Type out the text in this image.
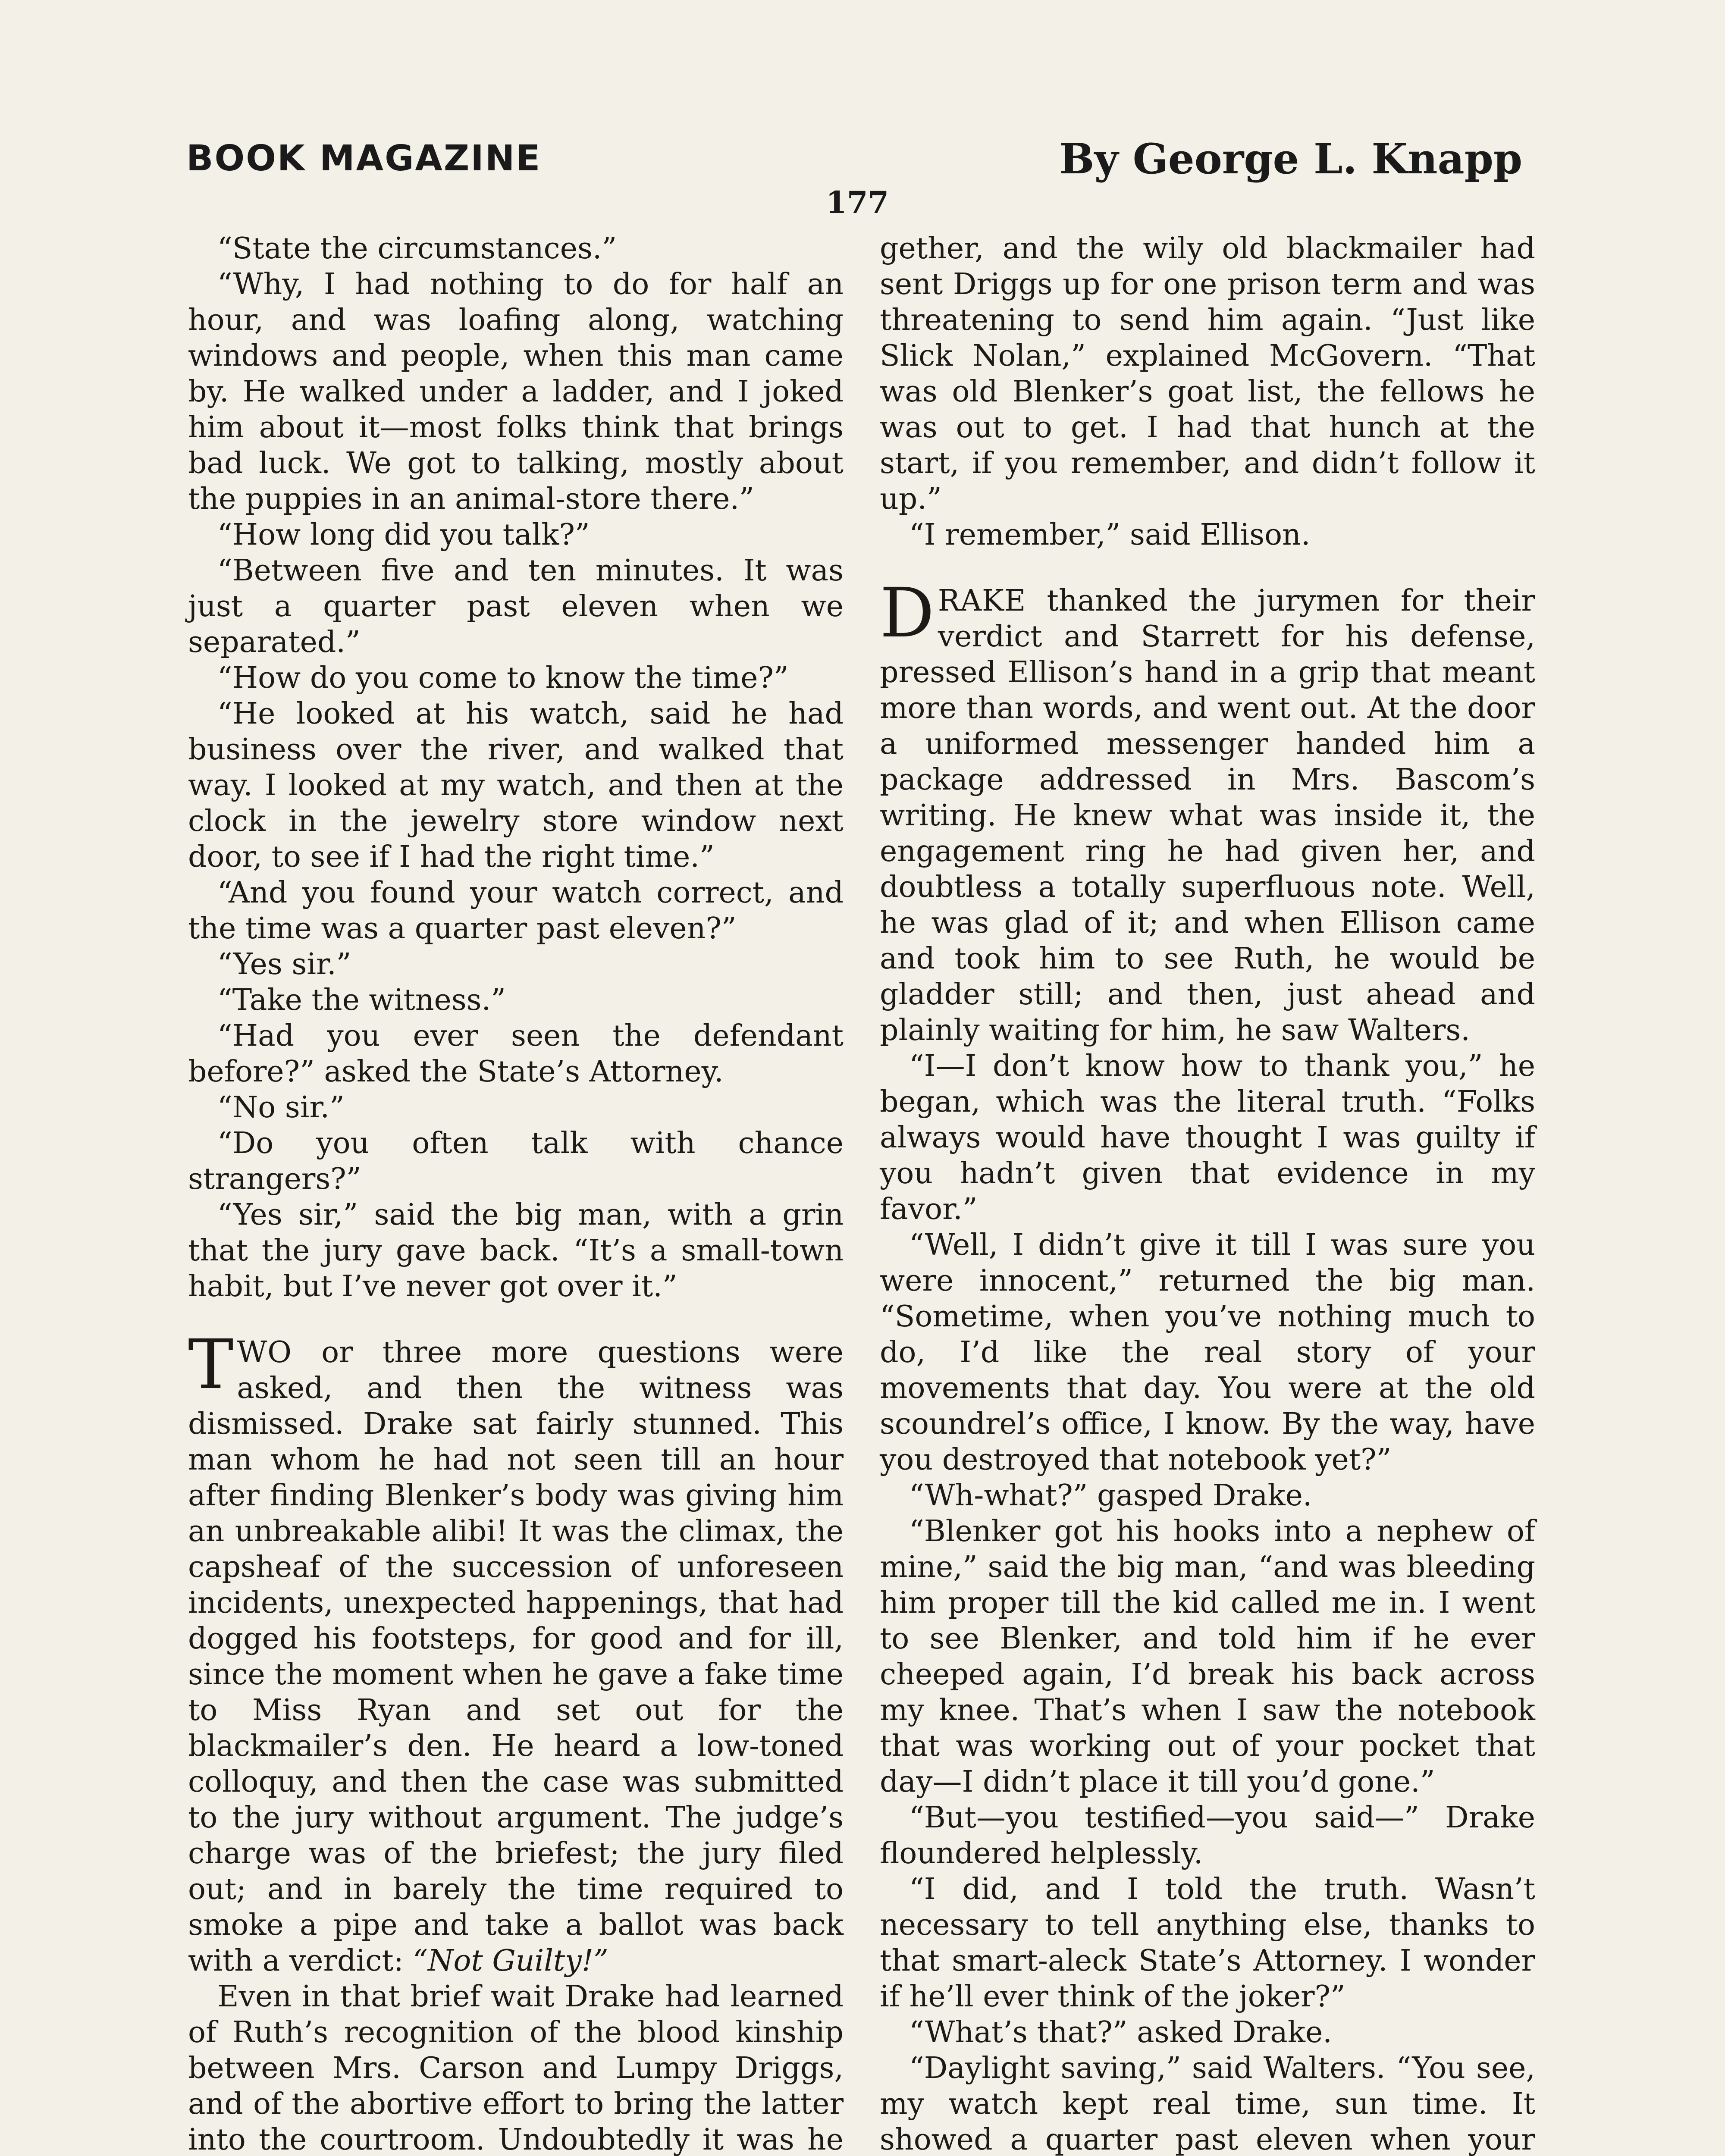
BOOK MAGAZINE	By George L. Knapp
177

“State the circumstances.”

“Why, I had nothing to do for half an hour, and was loafing along, watching windows and people, when this man came by. He walked under a ladder, and I joked him about it—most folks think that brings bad luck. We got to talking, mostly about the puppies in an animal-store there.”

“How long did you talk?”

“Between five and ten minutes. It was just a quarter past eleven when we separated.”

“How do you come to know the time?”

“He looked at his watch, said he had business over the river, and walked that way. I looked at my watch, and then at the clock in the jewelry store window next door, to see if I had the right time.”

“And you found your watch correct, and the time was a quarter past eleven?”

“Yes sir.”

“Take the witness.”

“Had you ever seen the defendant before?” asked the State’s Attorney.

“No sir.”

“Do you often talk with chance strangers?”

“Yes sir,” said the big man, with a grin that the jury gave back. “It’s a small-town habit, but I’ve never got over it.”

TWO or three more questions were asked, and then the witness was dismissed. Drake sat fairly stunned. This man whom he had not seen till an hour after finding Blenker’s body was giving him an unbreakable alibi! It was the climax, the capsheaf of the succession of unforeseen incidents, unexpected happenings, that had dogged his footsteps, for good and for ill, since the moment when he gave a fake time to Miss Ryan and set out for the blackmailer’s den. He heard a low-toned colloquy, and then the case was submitted to the jury without argument. The judge’s charge was of the briefest; the jury filed out; and in barely the time required to smoke a pipe and take a ballot was back with a verdict: “Not Guilty!”

Even in that brief wait Drake had learned of Ruth’s recognition of the blood kinship between Mrs. Carson and Lumpy Driggs, and of the abortive effort to bring the latter into the courtroom. Undoubtedly it was he

gether, and the wily old blackmailer had sent Driggs up for one prison term and was threatening to send him again. “Just like Slick Nolan,” explained McGovern. “That was old Blenker’s goat list, the fellows he was out to get. I had that hunch at the start, if you remember, and didn’t follow it up.”

“I remember,” said Ellison.

DRAKE thanked the jurymen for their verdict and Starrett for his defense, pressed Ellison’s hand in a grip that meant more than words, and went out. At the door a uniformed messenger handed him a package addressed in Mrs. Bascom’s writing. He knew what was inside it, the engagement ring he had given her, and doubtless a totally superfluous note. Well, he was glad of it; and when Ellison came and took him to see Ruth, he would be gladder still; and then, just ahead and plainly waiting for him, he saw Walters.

“I—I don’t know how to thank you,” he began, which was the literal truth. “Folks always would have thought I was guilty if you hadn’t given that evidence in my favor.”

“Well, I didn’t give it till I was sure you were innocent,” returned the big man. “Sometime, when you’ve nothing much to do, I’d like the real story of your movements that day. You were at the old scoundrel’s office, I know. By the way, have you destroyed that notebook yet?”

“Wh-what?” gasped Drake.

“Blenker got his hooks into a nephew of mine,” said the big man, “and was bleeding him proper till the kid called me in. I went to see Blenker, and told him if he ever cheeped again, I’d break his back across my knee. That’s when I saw the notebook that was working out of your pocket that day—I didn’t place it till you’d gone.”

“But—you testified—you said—” Drake floundered helplessly.

“I did, and I told the truth. Wasn’t necessary to tell anything else, thanks to that smart-aleck State’s Attorney. I wonder if he’ll ever think of the joker?”

“What’s that?” asked Drake.

“Daylight saving,” said Walters. “You see, my watch kept real time, sun time. It showed a quarter past eleven when your
